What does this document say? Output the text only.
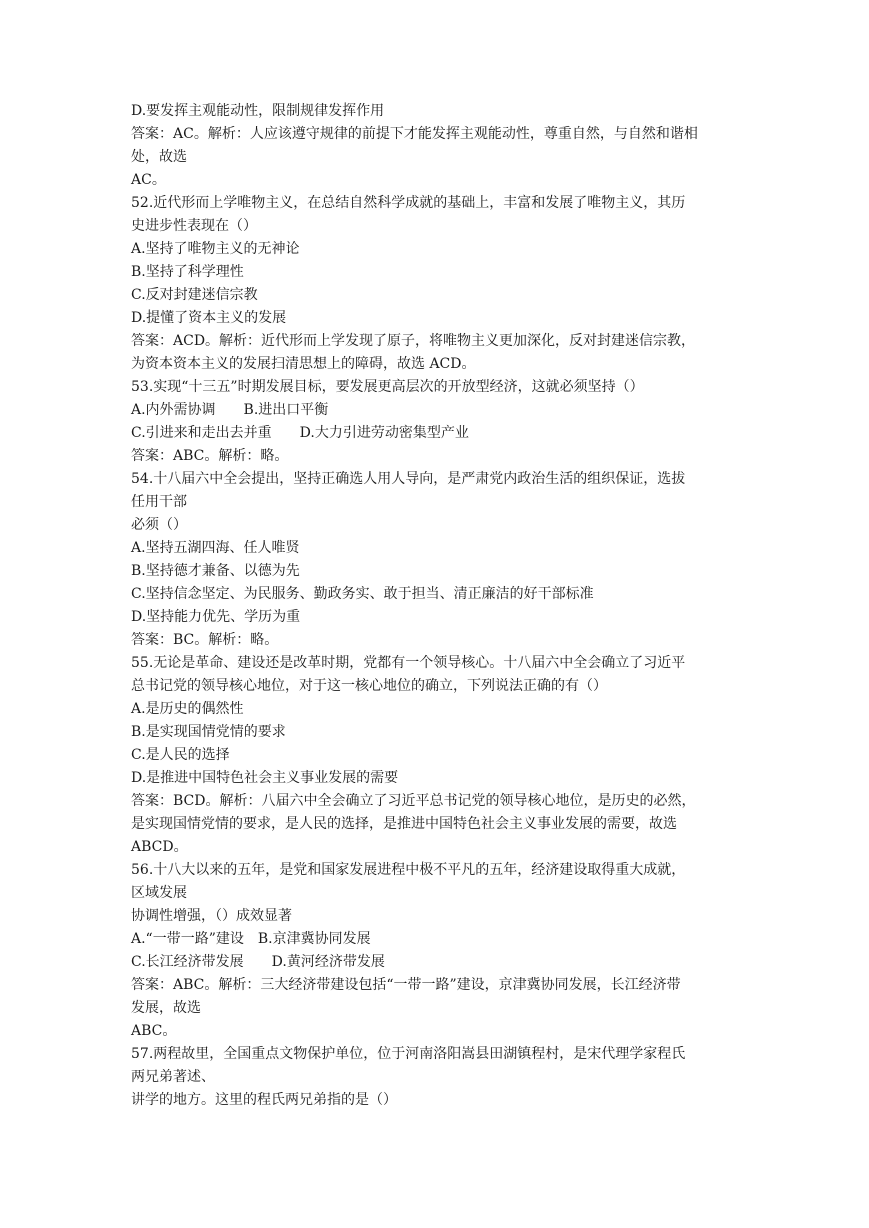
D.要发挥主观能动性，限制规律发挥作用
答案：AC。解析：人应该遵守规律的前提下才能发挥主观能动性，尊重自然，与自然和谐相
处，故选
AC。
52.近代形而上学唯物主义，在总结自然科学成就的基础上，丰富和发展了唯物主义，其历
史进步性表现在（）
A.坚持了唯物主义的无神论
B.坚持了科学理性
C.反对封建迷信宗教
D.提懂了资本主义的发展
答案：ACD。解析：近代形而上学发现了原子，将唯物主义更加深化，反对封建迷信宗教，
为资本资本主义的发展扫清思想上的障碍，故选 ACD。
53.实现“十三五”时期发展目标，要发展更高层次的开放型经济，这就必须坚持（）
A.内外需协调　　B.进出口平衡
C.引进来和走出去并重　　D.大力引进劳动密集型产业
答案：ABC。解析：略。
54.十八届六中全会提出，坚持正确选人用人导向，是严肃党内政治生活的组织保证，选拔
任用干部
必须（）
A.坚持五湖四海、任人唯贤
B.坚持德才兼备、以德为先
C.坚持信念坚定、为民服务、勤政务实、敢于担当、清正廉洁的好干部标准
D.坚持能力优先、学历为重
答案：BC。解析：略。
55.无论是革命、建设还是改革时期，党都有一个领导核心。十八届六中全会确立了习近平
总书记党的领导核心地位，对于这一核心地位的确立，下列说法正确的有（）
A.是历史的偶然性
B.是实现国情党情的要求
C.是人民的选择
D.是推进中国特色社会主义事业发展的需要
答案：BCD。解析：八届六中全会确立了习近平总书记党的领导核心地位，是历史的必然，
是实现国情党情的要求，是人民的选择，是推进中国特色社会主义事业发展的需要，故选
ABCD。
56.十八大以来的五年，是党和国家发展进程中极不平凡的五年，经济建设取得重大成就，
区域发展
协调性增强，（）成效显著
A.“一带一路”建设　B.京津冀协同发展
C.长江经济带发展　　D.黄河经济带发展
答案：ABC。解析：三大经济带建设包括“一带一路”建设，京津冀协同发展，长江经济带
发展，故选
ABC。
57.两程故里，全国重点文物保护单位，位于河南洛阳嵩县田湖镇程村，是宋代理学家程氏
两兄弟著述、
讲学的地方。这里的程氏两兄弟指的是（）
